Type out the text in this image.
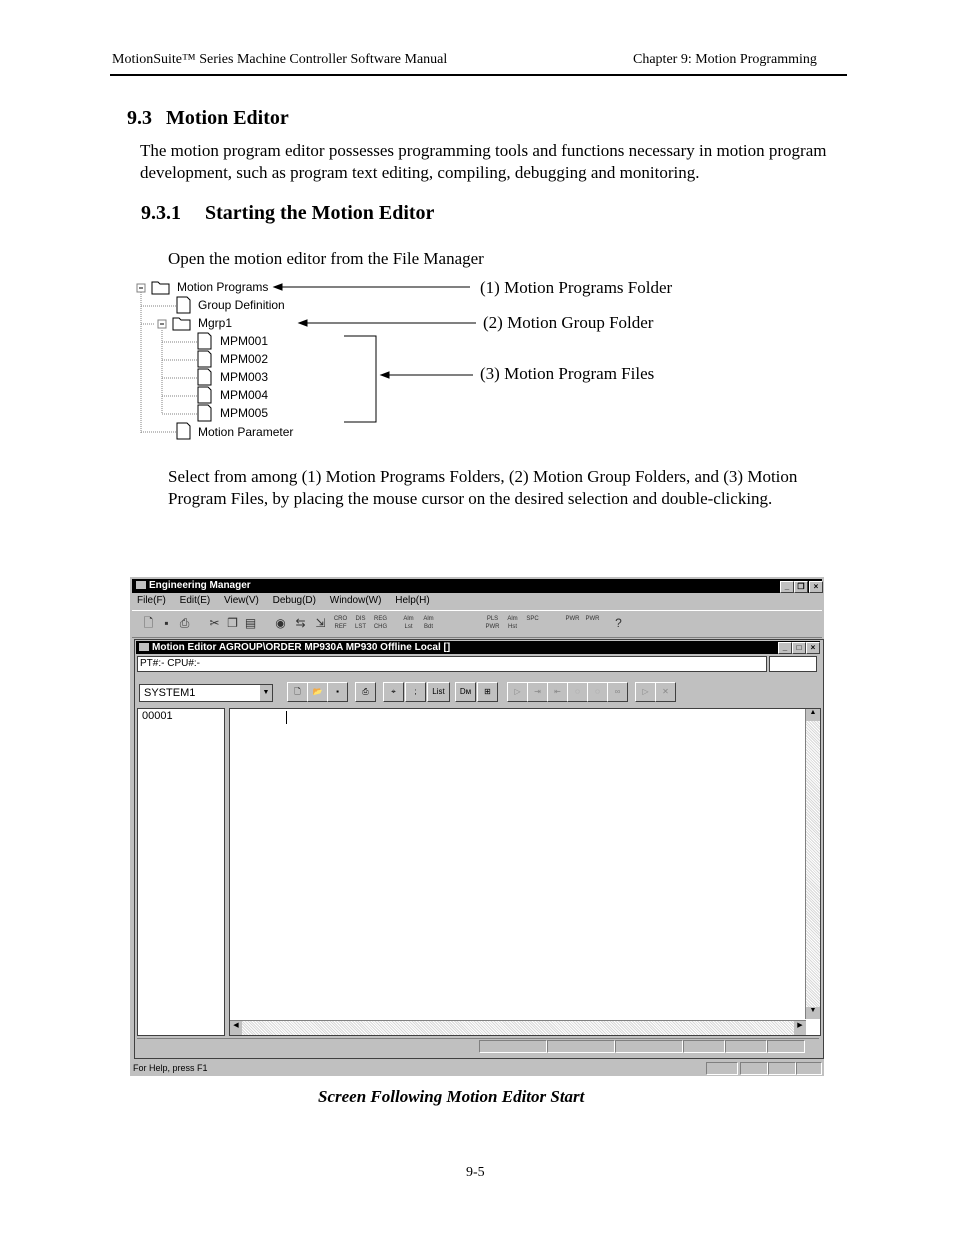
MotionSuite™ Series Machine Controller Software Manual	Chapter 9: Motion Programming
9.3 Motion Editor
The motion program editor possesses programming tools and functions necessary in motion program development, such as program text editing, compiling, debugging and monitoring.
9.3.1 Starting the Motion Editor
Open the motion editor from the File Manager
Motion Programs
Group Definition
Mgrp1
MPM001
MPM002
MPM003
MPM004
MPM005
Motion Parameter
(1) Motion Programs Folder
(2) Motion Group Folder
(3) Motion Program Files
Select from among (1) Motion Programs Folders, (2) Motion Group Folders, and (3) Motion Program Files, by placing the mouse cursor on the desired selection and double-clicking.
Engineering Manager	_	❐	×
File(F) Edit(E) View(V) Debug(D) Window(W) Help(H)
🗋 ▪ ⎙	✂ ❐ ▤ ◉ ⇆ ⇲	CRO REF
DIS LST
REG CHG
Alm Lst
Alm Bdt
PLS PWR
Alm Hst
SPC	PWR PWR	?
Motion Editor AGROUP\ORDER MP930A MP930 Offline Local []	_	□	×
PT#:- CPU#:-
SYSTEM1	▼	🗋	📂	▪	⎙	⌖	;	List	Dм	⊞	▷	⇥	⇤	◌	◌	∞	▷	✕
00001	▲
▼
◀	▶
For Help, press F1
Screen Following Motion Editor Start
9-5
